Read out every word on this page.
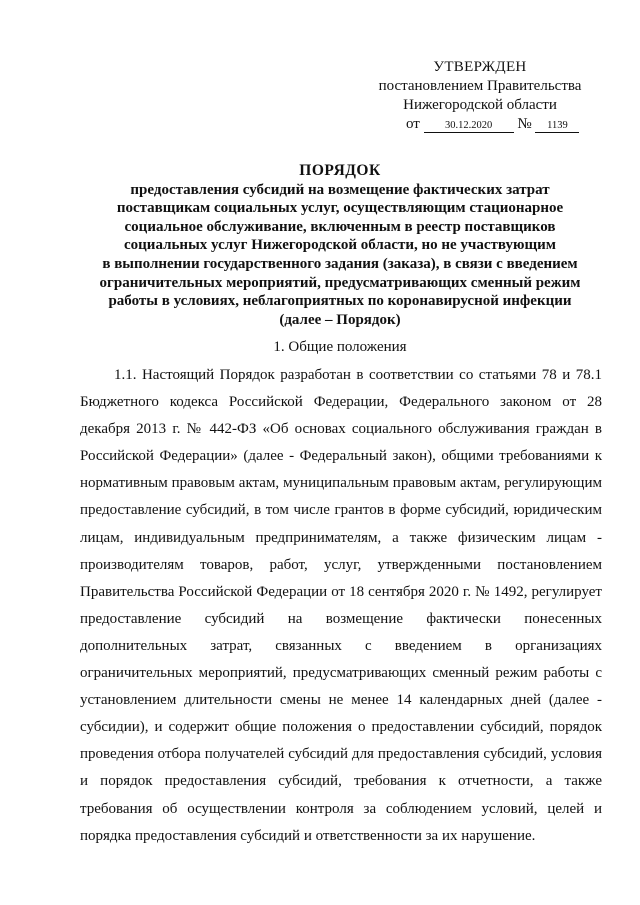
УТВЕРЖДЕН
постановлением Правительства
Нижегородской области
от 30.12.2020 № 1139
ПОРЯДОК
предоставления субсидий на возмещение фактических затрат
поставщикам социальных услуг, осуществляющим стационарное
социальное обслуживание, включенным в реестр поставщиков
социальных услуг Нижегородской области, но не участвующим
в выполнении государственного задания (заказа), в связи с введением
ограничительных мероприятий, предусматривающих сменный режим
работы в условиях, неблагоприятных по коронавирусной инфекции
(далее – Порядок)
1. Общие положения

1.1. Настоящий Порядок разработан в соответствии со статьями 78 и 78.1 Бюджетного кодекса Российской Федерации, Федерального законом от 28 декабря 2013 г. № 442-ФЗ «Об основах социального обслуживания граждан в Российской Федерации» (далее - Федеральный закон), общими требованиями к нормативным правовым актам, муниципальным правовым актам, регулирующим предоставление субсидий, в том числе грантов в форме субсидий, юридическим лицам, индивидуальным предпринимателям, а также физическим лицам - производителям товаров, работ, услуг, утвержденными постановлением Правительства Российской Федерации от 18 сентября 2020 г. № 1492, регулирует предоставление субсидий на возмещение фактически понесенных дополнительных затрат, связанных с введением в организациях ограничительных мероприятий, предусматривающих сменный режим работы с установлением длительности смены не менее 14 календарных дней (далее - субсидии), и содержит общие положения о предоставлении субсидий, порядок проведения отбора получателей субсидий для предоставления субсидий, условия и порядок предоставления субсидий, требования к отчетности, а также требования об осуществлении контроля за соблюдением условий, целей и порядка предоставления субсидий и ответственности за их нарушение.
